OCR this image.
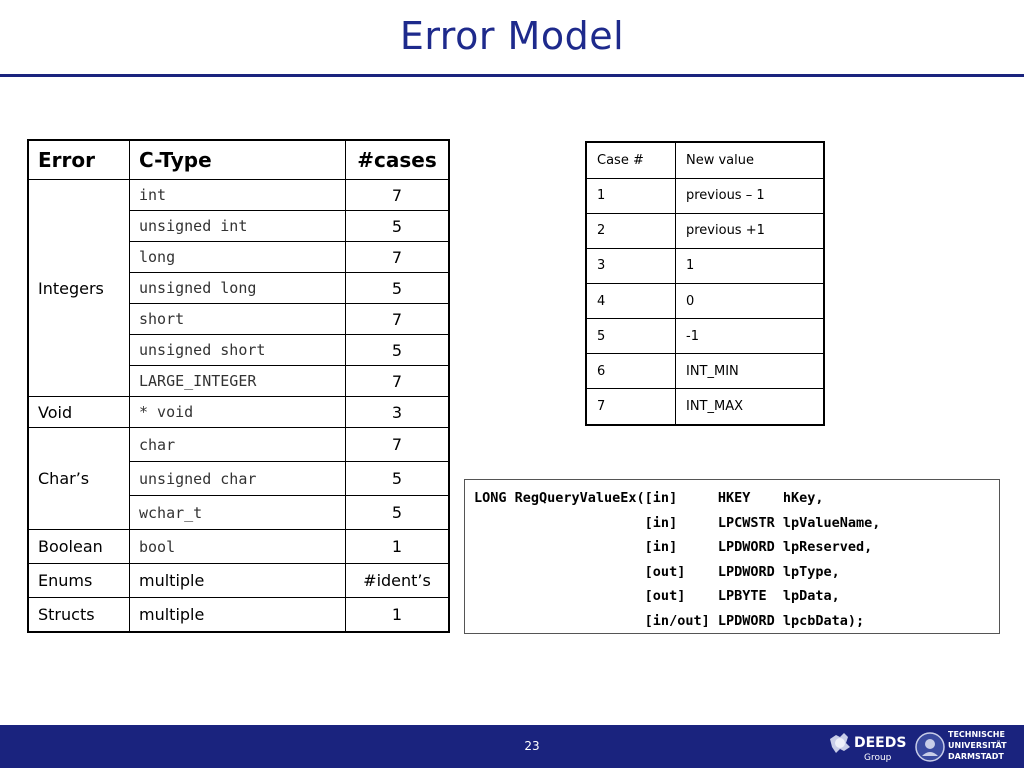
Error Model
Error	C-Type	#cases
Integers	int	7
	unsigned int	5
	long	7
	unsigned long	5
	short	7
	unsigned short	5
	LARGE_INTEGER	7
Void	* void	3
Char’s	char	7
	unsigned char	5
	wchar_t	5
Boolean	bool	1
Enums	multiple	#ident’s
Structs	multiple	1
Case #	New value
1	previous – 1
2	previous +1
3	1
4	0
5	-1
6	INT_MIN
7	INT_MAX
LONG RegQueryValueEx([in]     HKEY    hKey,
[in]     LPCWSTR lpValueName,
[in]     LPDWORD lpReserved,
[out]    LPDWORD lpType,
[out]    LPBYTE  lpData,
[in/out] LPDWORD lpcbData);
23	DEEDS
Group
TECHNISCHE
UNIVERSITÄT
DARMSTADT
